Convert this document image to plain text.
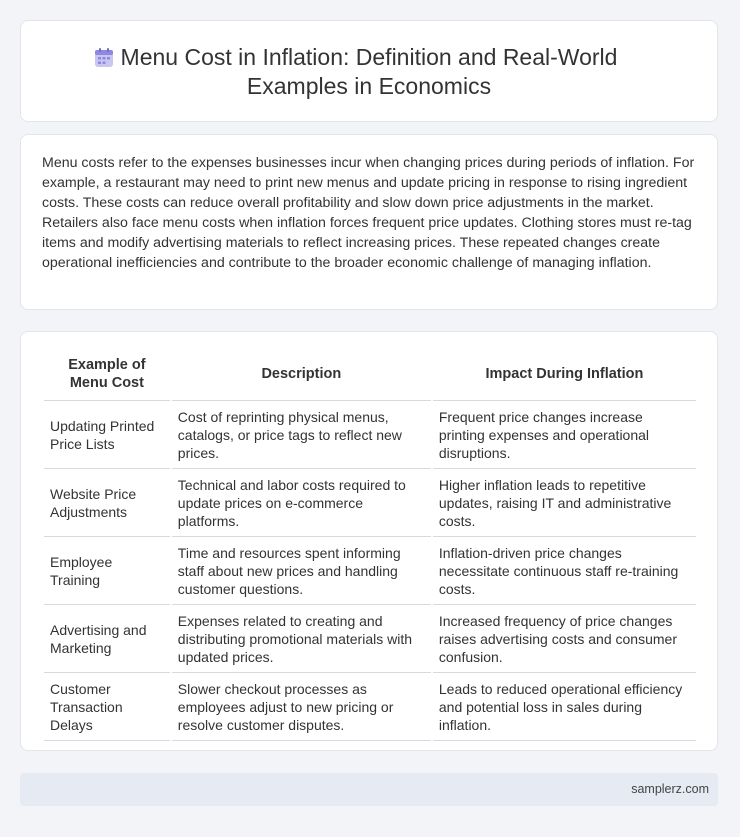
Menu Cost in Inflation: Definition and Real-World
Examples in Economics

Menu costs refer to the expenses businesses incur when changing prices during periods of inflation. For example, a restaurant may need to print new menus and update pricing in response to rising ingredient costs. These costs can reduce overall profitability and slow down price adjustments in the market. Retailers also face menu costs when inflation forces frequent price updates. Clothing stores must re-tag items and modify advertising materials to reflect increasing prices. These repeated changes create operational inefficiencies and contribute to the broader economic challenge of managing inflation.

Example of Menu Cost	Description	Impact During Inflation
Updating Printed Price Lists	Cost of reprinting physical menus, catalogs, or price tags to reflect new prices.	Frequent price changes increase printing expenses and operational disruptions.
Website Price Adjustments	Technical and labor costs required to update prices on e-commerce platforms.	Higher inflation leads to repetitive updates, raising IT and administrative costs.
Employee Training	Time and resources spent informing staff about new prices and handling customer questions.	Inflation-driven price changes necessitate continuous staff re-training costs.
Advertising and Marketing	Expenses related to creating and distributing promotional materials with updated prices.	Increased frequency of price changes raises advertising costs and consumer confusion.
Customer Transaction Delays	Slower checkout processes as employees adjust to new pricing or resolve customer disputes.	Leads to reduced operational efficiency and potential loss in sales during inflation.
samplerz.com
